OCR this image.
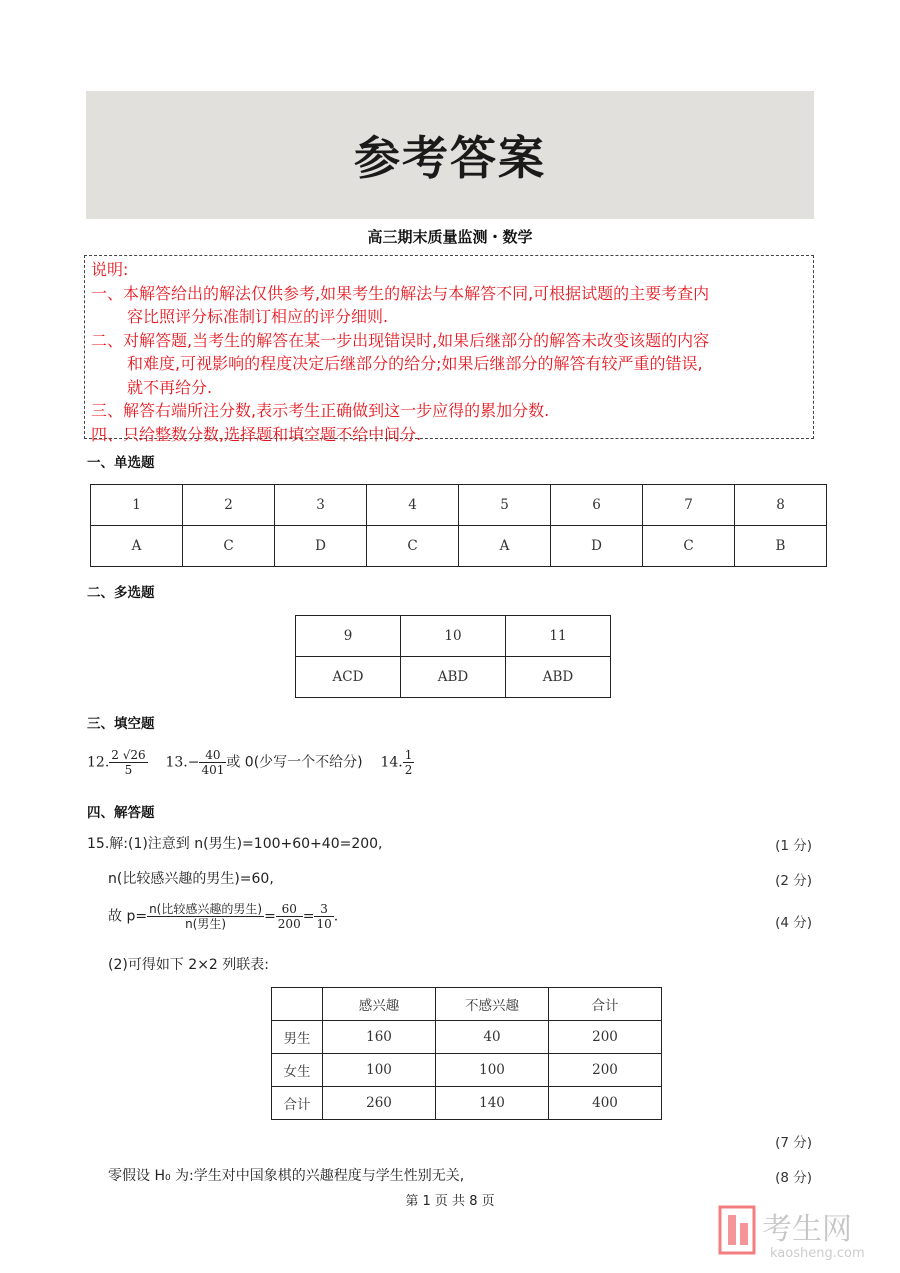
参考答案
高三期末质量监测・数学
说明:
一、本解答给出的解法仅供参考,如果考生的解法与本解答不同,可根据试题的主要考查内
容比照评分标准制订相应的评分细则.
二、对解答题,当考生的解答在某一步出现错误时,如果后继部分的解答未改变该题的内容
和难度,可视影响的程度决定后继部分的给分;如果后继部分的解答有较严重的错误,
就不再给分.
三、解答右端所注分数,表示考生正确做到这一步应得的累加分数.
四、只给整数分数,选择题和填空题不给中间分.
一、单选题
1	2	3	4	5	6	7	8
A	C	D	C	A	D	C	B
二、多选题
9	10	11
ACD	ABD	ABD
三、填空题
12. $\frac{2 √26}{5} 13.- \frac{40}{401}$ 或 0(少写一个不给分) 14. $\frac{1}{2}$
四、解答题
15.解:(1)注意到 n(男生)=100+60+40=200,	(1 分)
n(比较感兴趣的男生)=60,	(2 分)
故 $p= \frac{\text{n(比较感兴趣的男生)}}{\text{n(男生)}} = \frac{60}{200} = \frac{3}{10}$ .	(4 分)
(2)可得如下 2×2 列联表:
	感兴趣	不感兴趣	合计
男生	160	40	200
女生	100	100	200
合计	260	140	400
(7 分)
零假设 H₀ 为:学生对中国象棋的兴趣程度与学生性别无关,	(8 分)
第 1 页 共 8 页
考生网
kaosheng.com
